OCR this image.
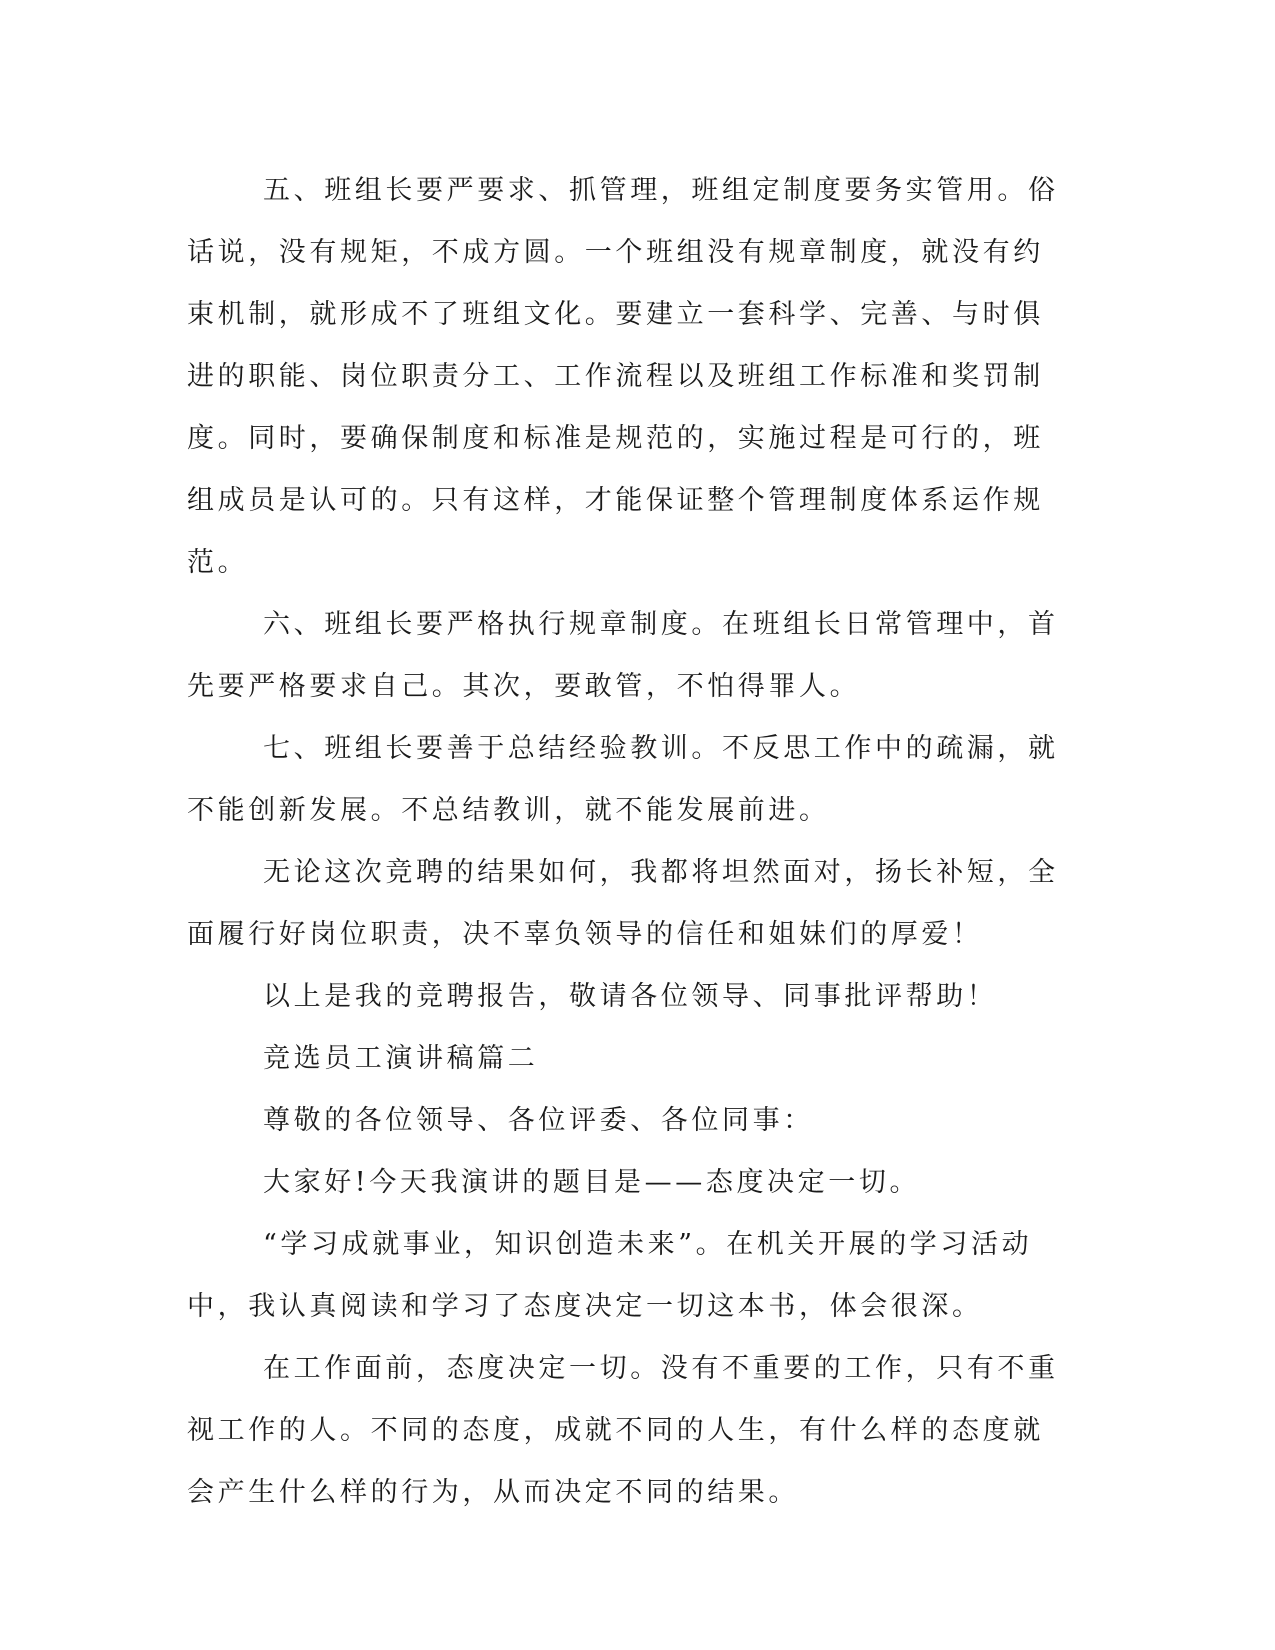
五、班组长要严要求、抓管理，班组定制度要务实管用。俗话说，没有规矩，不成方圆。一个班组没有规章制度，就没有约束机制，就形成不了班组文化。要建立一套科学、完善、与时俱进的职能、岗位职责分工、工作流程以及班组工作标准和奖罚制度。同时，要确保制度和标准是规范的，实施过程是可行的，班组成员是认可的。只有这样，才能保证整个管理制度体系运作规范。

六、班组长要严格执行规章制度。在班组长日常管理中，首先要严格要求自己。其次，要敢管，不怕得罪人。

七、班组长要善于总结经验教训。不反思工作中的疏漏，就不能创新发展。不总结教训，就不能发展前进。

无论这次竞聘的结果如何，我都将坦然面对，扬长补短，全面履行好岗位职责，决不辜负领导的信任和姐妹们的厚爱！

以上是我的竞聘报告，敬请各位领导、同事批评帮助！

竞选员工演讲稿篇二

尊敬的各位领导、各位评委、各位同事：

大家好!今天我演讲的题目是——态度决定一切。

“学习成就事业，知识创造未来”。在机关开展的学习活动中，我认真阅读和学习了态度决定一切这本书，体会很深。

在工作面前，态度决定一切。没有不重要的工作，只有不重视工作的人。不同的态度，成就不同的人生，有什么样的态度就会产生什么样的行为，从而决定不同的结果。
